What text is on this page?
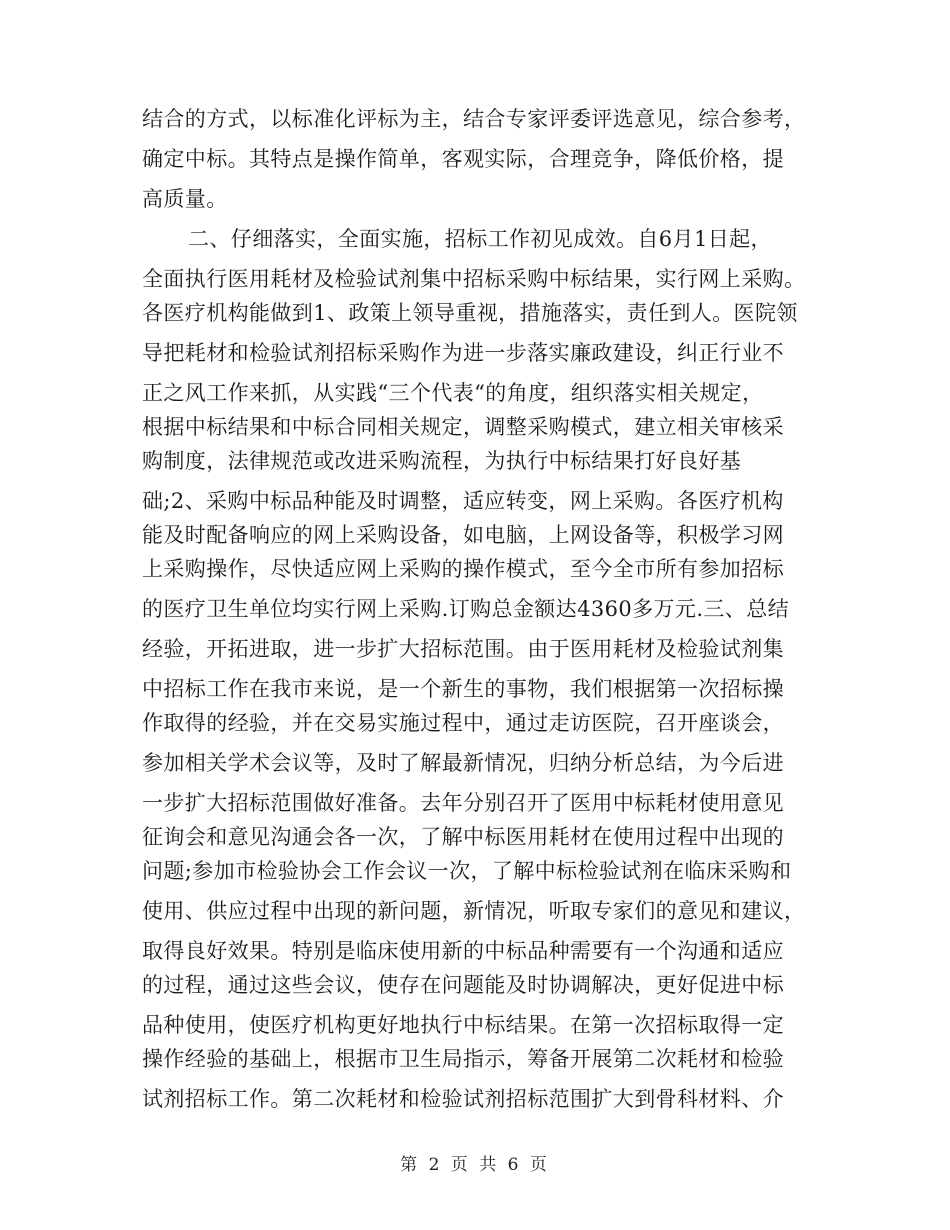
结合的方式，以标准化评标为主，结合专家评委评选意见，综合参考，
确定中标。其特点是操作简单，客观实际，合理竞争，降低价格，提
高质量。
二、仔细落实，全面实施，招标工作初见成效。自6月1日起，
全面执行医用耗材及检验试剂集中招标采购中标结果，实行网上采购。
各医疗机构能做到1、政策上领导重视，措施落实，责任到人。医院领
导把耗材和检验试剂招标采购作为进一步落实廉政建设，纠正行业不
正之风工作来抓，从实践“三个代表“的角度，组织落实相关规定，
根据中标结果和中标合同相关规定，调整采购模式，建立相关审核采
购制度，法律规范或改进采购流程，为执行中标结果打好良好基
础;2、采购中标品种能及时调整，适应转变，网上采购。各医疗机构
能及时配备响应的网上采购设备，如电脑，上网设备等，积极学习网
上采购操作，尽快适应网上采购的操作模式，至今全市所有参加招标
的医疗卫生单位均实行网上采购.订购总金额达4360多万元.三、总结
经验，开拓进取，进一步扩大招标范围。由于医用耗材及检验试剂集
中招标工作在我市来说，是一个新生的事物，我们根据第一次招标操
作取得的经验，并在交易实施过程中，通过走访医院，召开座谈会，
参加相关学术会议等，及时了解最新情况，归纳分析总结，为今后进
一步扩大招标范围做好准备。去年分别召开了医用中标耗材使用意见
征询会和意见沟通会各一次，了解中标医用耗材在使用过程中出现的
问题;参加市检验协会工作会议一次，了解中标检验试剂在临床采购和
使用、供应过程中出现的新问题，新情况，听取专家们的意见和建议，
取得良好效果。特别是临床使用新的中标品种需要有一个沟通和适应
的过程，通过这些会议，使存在问题能及时协调解决，更好促进中标
品种使用，使医疗机构更好地执行中标结果。在第一次招标取得一定
操作经验的基础上，根据市卫生局指示，筹备开展第二次耗材和检验
试剂招标工作。第二次耗材和检验试剂招标范围扩大到骨科材料、介
第 2 页 共 6 页
